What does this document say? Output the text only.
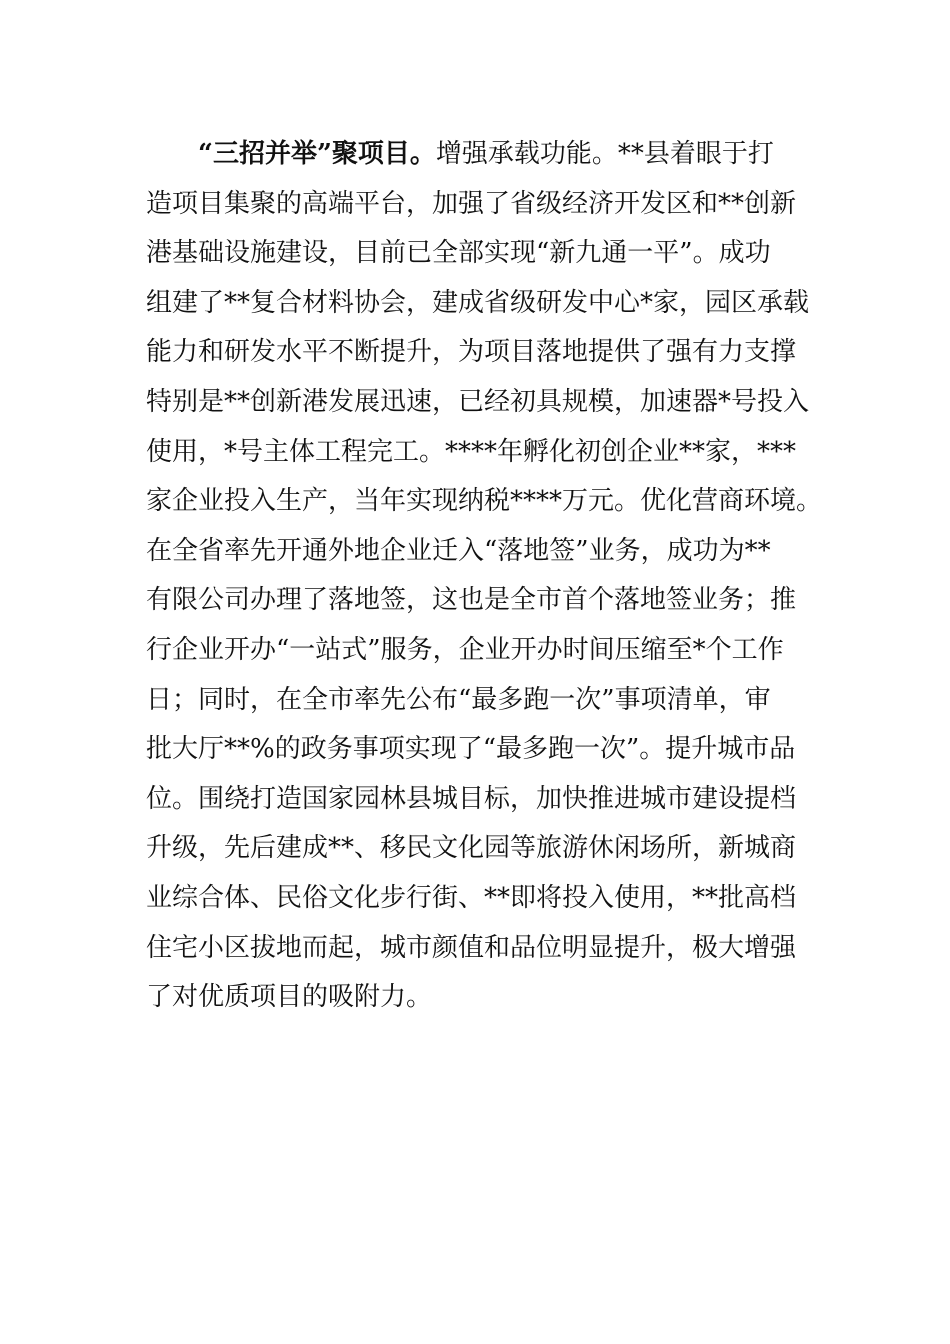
“三招并举”聚项目。增强承载功能。**县着眼于打
造项目集聚的高端平台，加强了省级经济开发区和**创新
港基础设施建设，目前已全部实现“新九通一平”。成功
组建了**复合材料协会，建成省级研发中心*家，园区承载
能力和研发水平不断提升，为项目落地提供了强有力支撑
特别是**创新港发展迅速，已经初具规模，加速器*号投入
使用，*号主体工程完工。****年孵化初创企业**家，***
家企业投入生产，当年实现纳税****万元。优化营商环境。
在全省率先开通外地企业迁入“落地签”业务，成功为**
有限公司办理了落地签，这也是全市首个落地签业务；推
行企业开办“一站式”服务，企业开办时间压缩至*个工作
日；同时，在全市率先公布“最多跑一次”事项清单，审
批大厅**%的政务事项实现了“最多跑一次”。提升城市品
位。围绕打造国家园林县城目标，加快推进城市建设提档
升级，先后建成**、移民文化园等旅游休闲场所，新城商
业综合体、民俗文化步行街、**即将投入使用，**批高档
住宅小区拔地而起，城市颜值和品位明显提升，极大增强
了对优质项目的吸附力。
